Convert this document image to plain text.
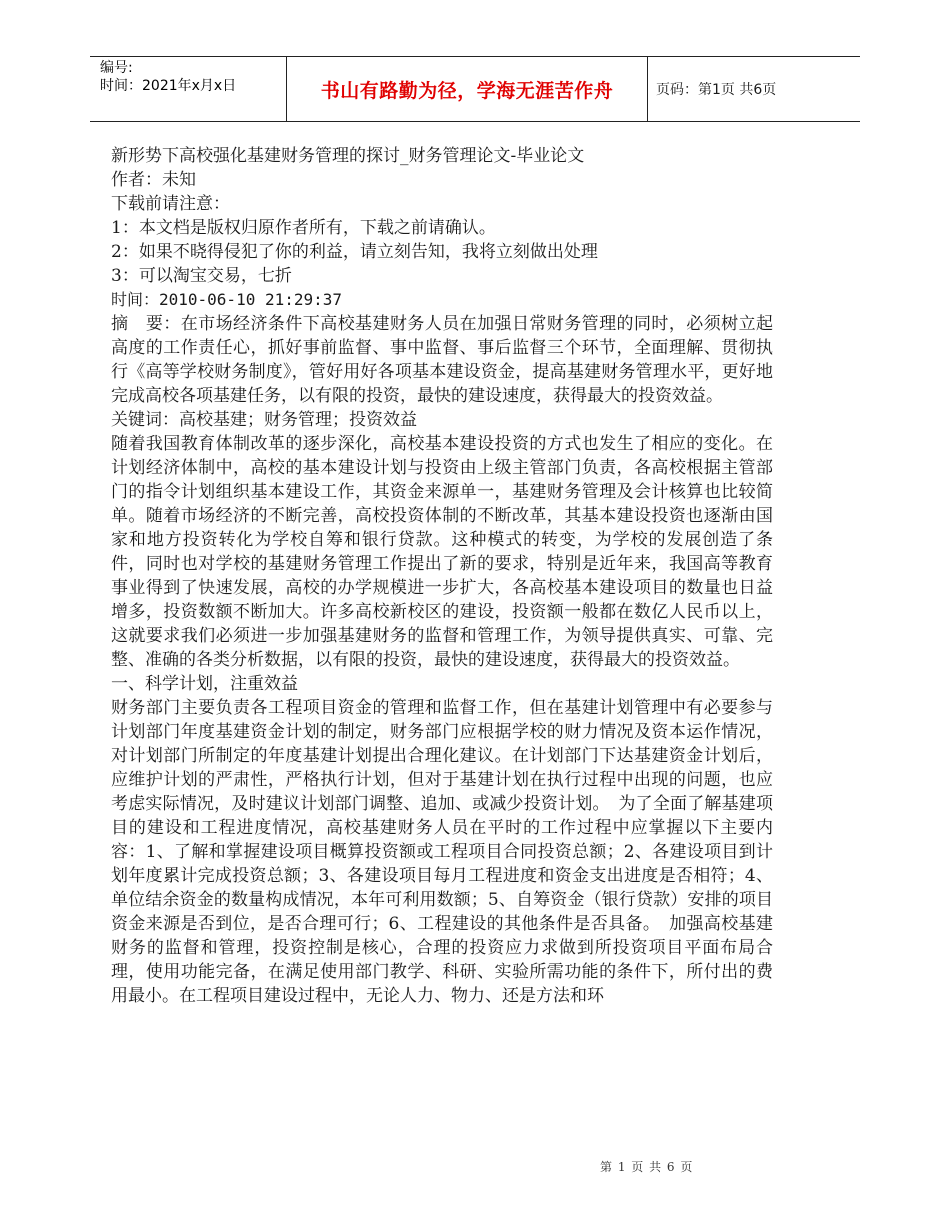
编号:
时间：2021年x月x日	书山有路勤为径，学海无涯苦作舟	页码：第1页 共6页

新形势下高校强化基建财务管理的探讨_财务管理论文-毕业论文

作者：未知

下载前请注意：

1：本文档是版权归原作者所有，下载之前请确认。

2：如果不晓得侵犯了你的利益，请立刻告知，我将立刻做出处理

3：可以淘宝交易，七折

时间：2010-06-10 21:29:37

摘　要：在市场经济条件下高校基建财务人员在加强日常财务管理的同时，必须树立起高度的工作责任心，抓好事前监督、事中监督、事后监督三个环节，全面理解、贯彻执行《高等学校财务制度》，管好用好各项基本建设资金，提高基建财务管理水平，更好地完成高校各项基建任务，以有限的投资，最快的建设速度，获得最大的投资效益。

关键词：高校基建；财务管理；投资效益

随着我国教育体制改革的逐步深化，高校基本建设投资的方式也发生了相应的变化。在计划经济体制中，高校的基本建设计划与投资由上级主管部门负责，各高校根据主管部门的指令计划组织基本建设工作，其资金来源单一，基建财务管理及会计核算也比较简单。随着市场经济的不断完善，高校投资体制的不断改革，其基本建设投资也逐渐由国家和地方投资转化为学校自筹和银行贷款。这种模式的转变，为学校的发展创造了条件，同时也对学校的基建财务管理工作提出了新的要求，特别是近年来，我国高等教育事业得到了快速发展，高校的办学规模进一步扩大，各高校基本建设项目的数量也日益增多，投资数额不断加大。许多高校新校区的建设，投资额一般都在数亿人民币以上，这就要求我们必须进一步加强基建财务的监督和管理工作，为领导提供真实、可靠、完整、准确的各类分析数据，以有限的投资，最快的建设速度，获得最大的投资效益。

一、科学计划，注重效益

财务部门主要负责各工程项目资金的管理和监督工作，但在基建计划管理中有必要参与计划部门年度基建资金计划的制定，财务部门应根据学校的财力情况及资本运作情况，对计划部门所制定的年度基建计划提出合理化建议。在计划部门下达基建资金计划后，应维护计划的严肃性，严格执行计划，但对于基建计划在执行过程中出现的问题，也应考虑实际情况，及时建议计划部门调整、追加、或减少投资计划。　为了全面了解基建项目的建设和工程进度情况，高校基建财务人员在平时的工作过程中应掌握以下主要内容：1、了解和掌握建设项目概算投资额或工程项目合同投资总额；2、各建设项目到计划年度累计完成投资总额；3、各建设项目每月工程进度和资金支出进度是否相符；4、单位结余资金的数量构成情况，本年可利用数额；5、自筹资金（银行贷款）安排的项目资金来源是否到位，是否合理可行；6、工程建设的其他条件是否具备。　加强高校基建财务的监督和管理，投资控制是核心，合理的投资应力求做到所投资项目平面布局合理，使用功能完备，在满足使用部门教学、科研、实验所需功能的条件下，所付出的费用最小。在工程项目建设过程中，无论人力、物力、还是方法和环

第 1 页 共 6 页
